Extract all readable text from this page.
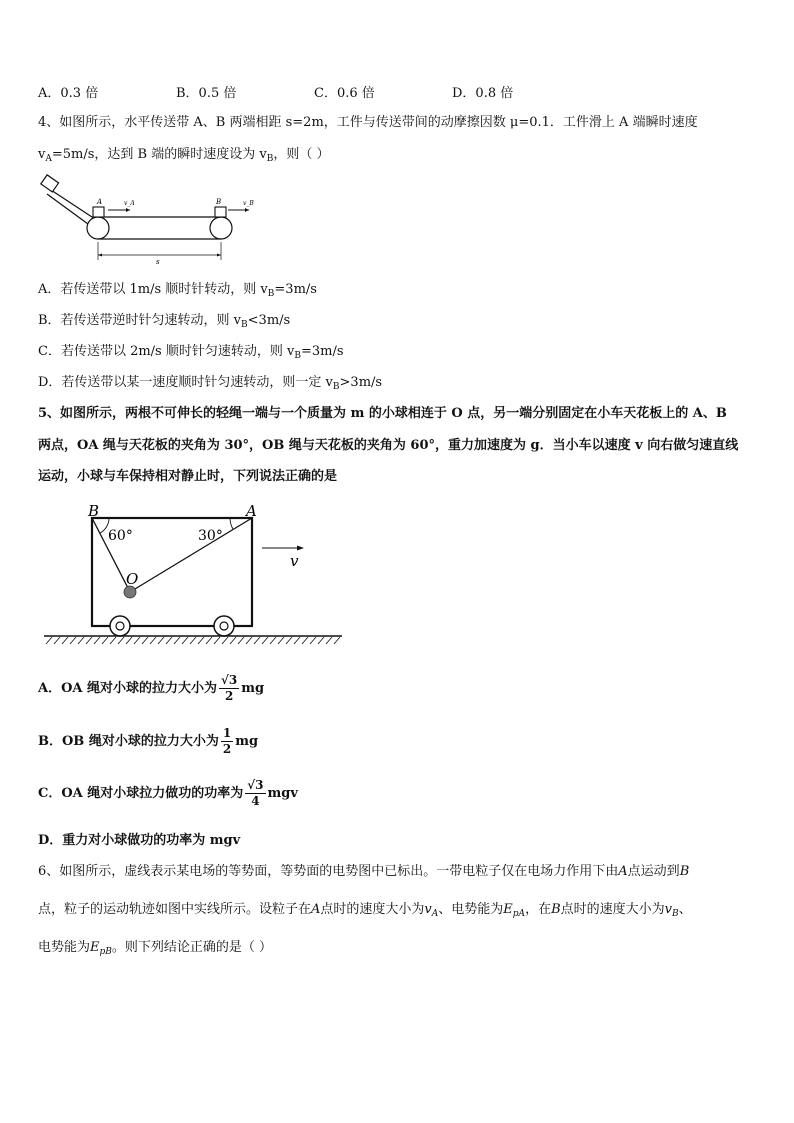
A．0.3 倍	B．0.5 倍	C．0.6 倍	D．0.8 倍
4、如图所示，水平传送带 A、B 两端相距 s=2m，工件与传送带间的动摩擦因数 μ=0.1．工件滑上 A 端瞬时速度
$v_A=5m/s$，达到 B 端的瞬时速度设为 $v_B$，则（ ）
A	B
v_A	v_B
s
A．若传送带以 1m/s 顺时针转动，则 $v_B=3m/s$
B．若传送带逆时针匀速转动，则 $v_B<3m/s$
C．若传送带以 2m/s 顺时针匀速转动，则 $v_B=3m/s$
D．若传送带以某一速度顺时针匀速转动，则一定 $v_B>3m/s$
5、如图所示，两根不可伸长的轻绳一端与一个质量为 m 的小球相连于 O 点，另一端分别固定在小车天花板上的 A、B
两点，OA 绳与天花板的夹角为 30°，OB 绳与天花板的夹角为 60°，重力加速度为 g．当小车以速度 v 向右做匀速直线
运动，小球与车保持相对静止时，下列说法正确的是
B	A
60°	30°
O
v
A．OA 绳对小球的拉力大小为 $\frac{√3}{2}$ mg
B．OB 绳对小球的拉力大小为 $\frac{1}{2}$ mg
C．OA 绳对小球拉力做功的功率为 $\frac{√3}{4}$ mgv
D．重力对小球做功的功率为 mgv
6、如图所示，虚线表示某电场的等势面，等势面的电势图中已标出。一带电粒子仅在电场力作用下由A点运动到B
点，粒子的运动轨迹如图中实线所示。设粒子在A点时的速度大小为$v_A$、电势能为$E_{pA}$，在B点时的速度大小为$v_B$、
电势能为$E_{pB}$。则下列结论正确的是（ ）
